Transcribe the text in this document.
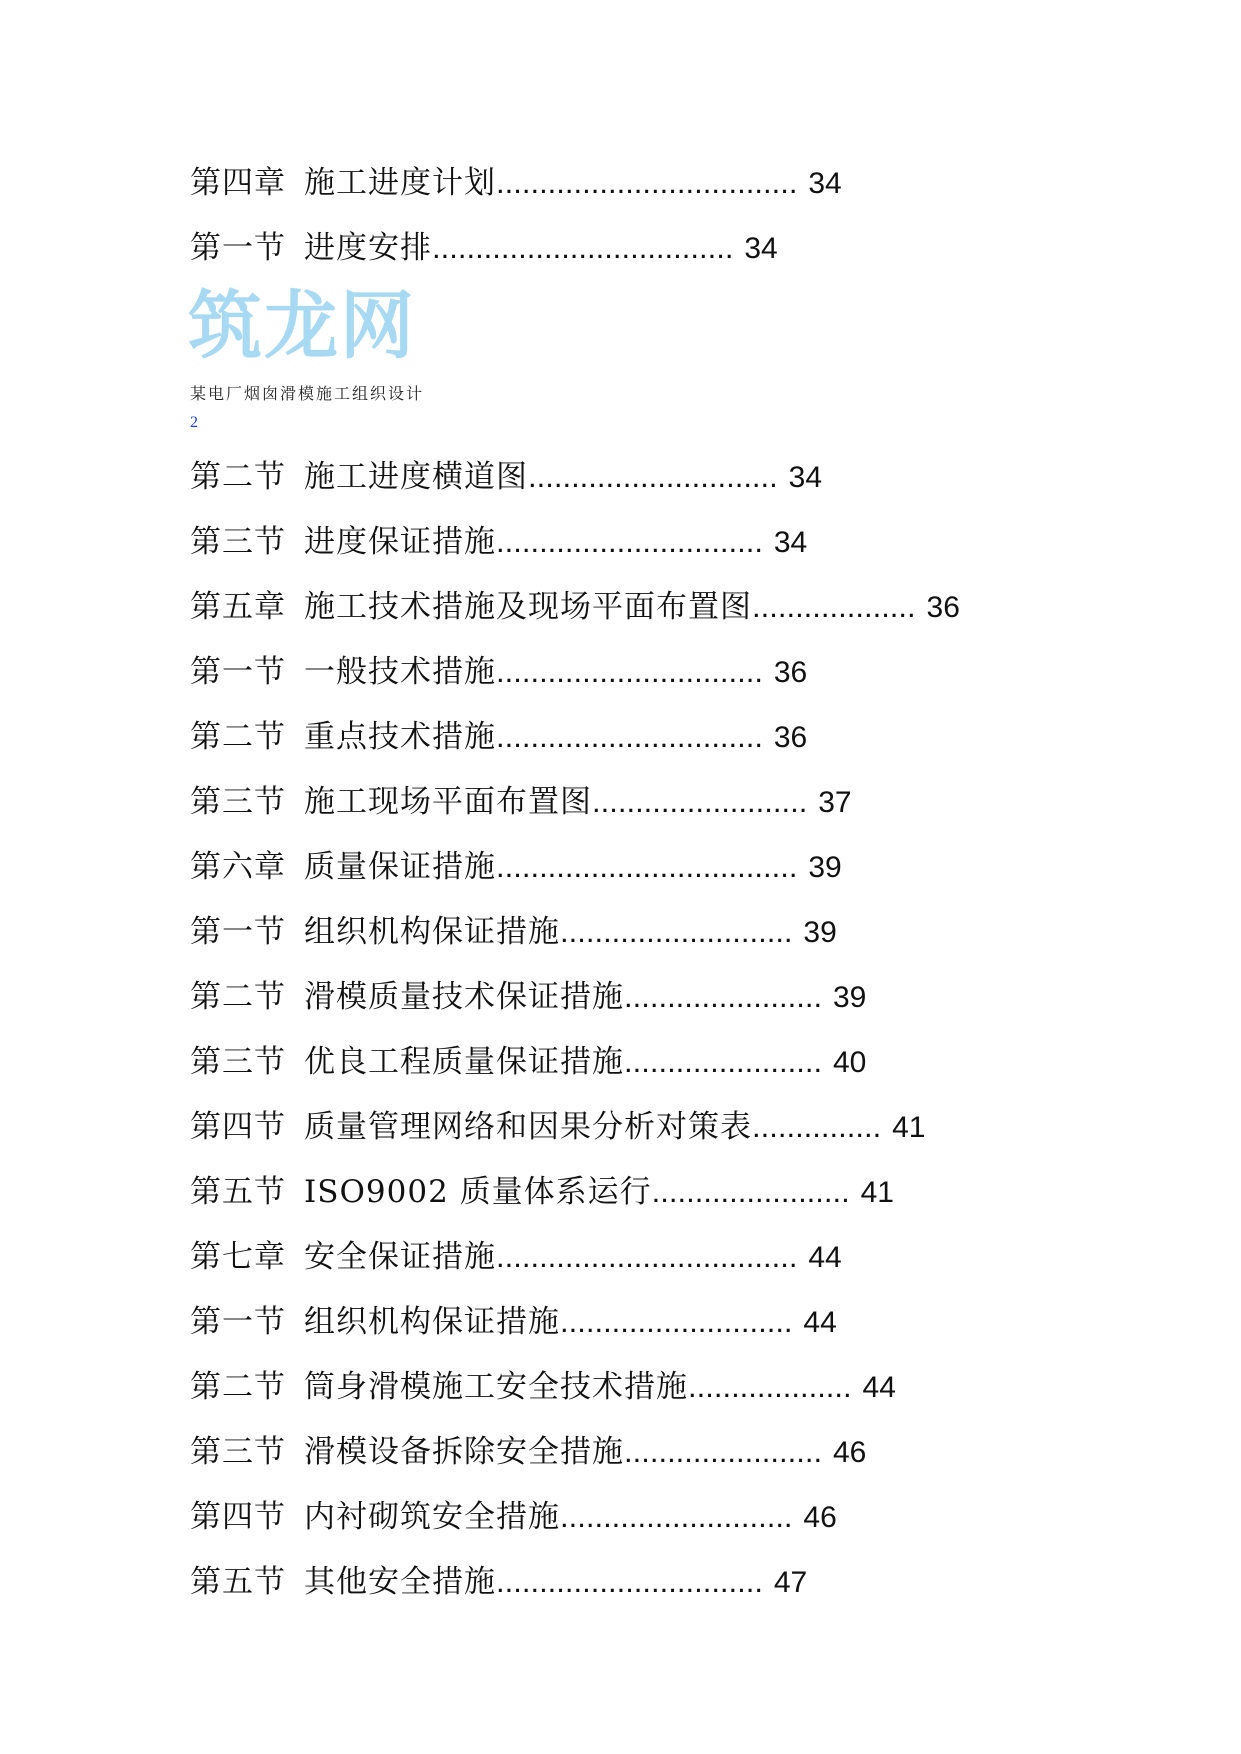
第四章 施工进度计划................................... 34
第一节 进度安排................................... 34
筑龙网
某电厂烟囱滑模施工组织设计
2
第二节 施工进度横道图............................. 34
第三节 进度保证措施............................... 34
第五章 施工技术措施及现场平面布置图................... 36
第一节 一般技术措施............................... 36
第二节 重点技术措施............................... 36
第三节 施工现场平面布置图......................... 37
第六章 质量保证措施................................... 39
第一节 组织机构保证措施........................... 39
第二节 滑模质量技术保证措施....................... 39
第三节 优良工程质量保证措施....................... 40
第四节 质量管理网络和因果分析对策表............... 41
第五节 ISO9002 质量体系运行....................... 41
第七章 安全保证措施................................... 44
第一节 组织机构保证措施........................... 44
第二节 筒身滑模施工安全技术措施................... 44
第三节 滑模设备拆除安全措施....................... 46
第四节 内衬砌筑安全措施........................... 46
第五节 其他安全措施............................... 47
